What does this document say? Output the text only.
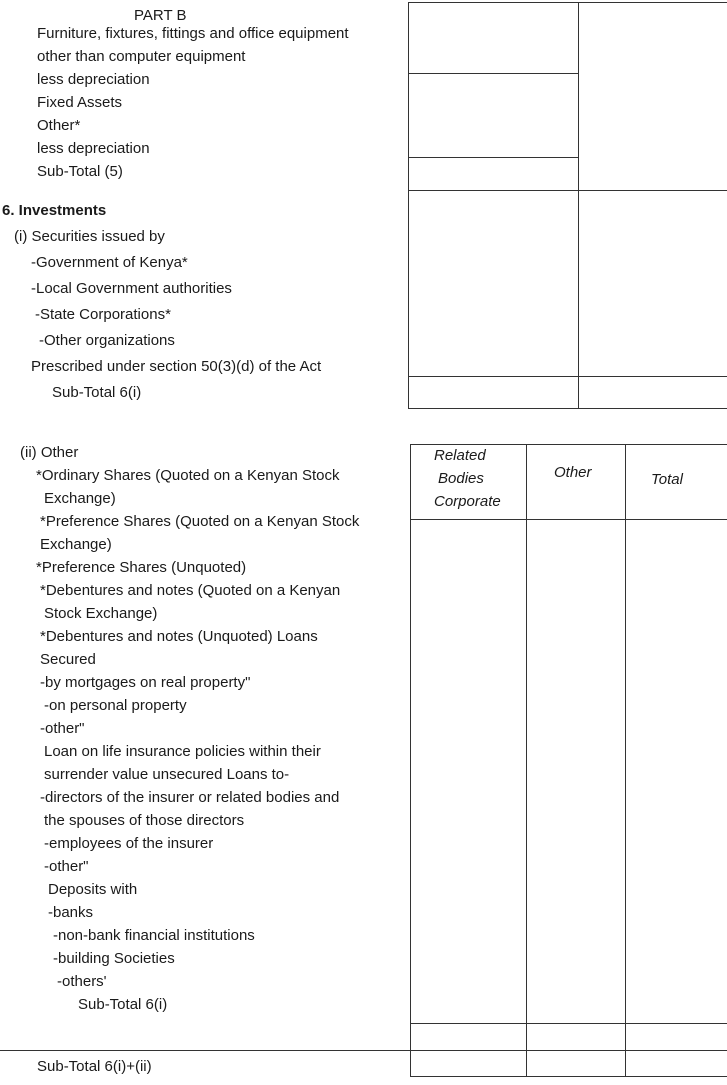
PART B
Furniture, fixtures, fittings and office equipment
other than computer equipment
less depreciation
Fixed Assets
Other*
less depreciation
Sub-Total (5)
6. Investments
(i) Securities issued by
-Government of Kenya*
-Local Government authorities
-State Corporations*
-Other organizations
Prescribed under section 50(3)(d) of the Act
Sub-Total 6(i)
(ii) Other
*Ordinary Shares (Quoted on a Kenyan Stock
Exchange)
*Preference Shares (Quoted on a Kenyan Stock
Exchange)
*Preference Shares (Unquoted)
*Debentures and notes (Quoted on a Kenyan
Stock Exchange)
*Debentures and notes (Unquoted) Loans
Secured
-by mortgages on real property"
-on personal property
-other"
Loan on life insurance policies within their
surrender value unsecured Loans to-
-directors of the insurer or related bodies and
the spouses of those directors
-employees of the insurer
-other"
Deposits with
-banks
-non-bank financial institutions
-building Societies
-others'
Sub-Total 6(i)
Related
Bodies
Corporate
Other	Total
Sub-Total 6(i)+(ii)
